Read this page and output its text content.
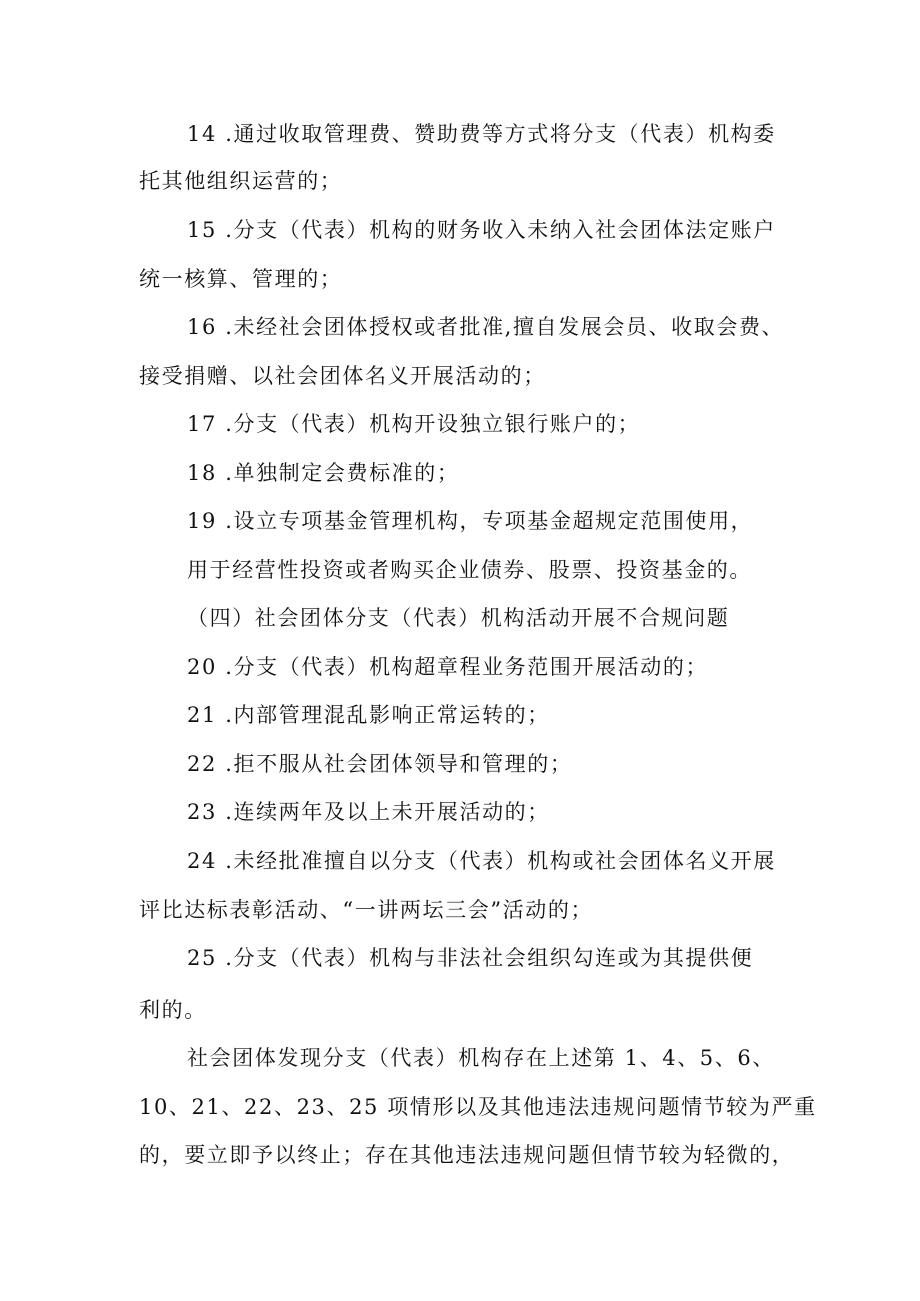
14 .通过收取管理费、赞助费等方式将分支（代表）机构委
托其他组织运营的；
15 .分支（代表）机构的财务收入未纳入社会团体法定账户
统一核算、管理的；
16 .未经社会团体授权或者批准,擅自发展会员、收取会费、
接受捐赠、以社会团体名义开展活动的；
17 .分支（代表）机构开设独立银行账户的；
18 .单独制定会费标准的；
19 .设立专项基金管理机构，专项基金超规定范围使用，
用于经营性投资或者购买企业债券、股票、投资基金的。
（四）社会团体分支（代表）机构活动开展不合规问题
20 .分支（代表）机构超章程业务范围开展活动的；
21 .内部管理混乱影响正常运转的；
22 .拒不服从社会团体领导和管理的；
23 .连续两年及以上未开展活动的；
24 .未经批准擅自以分支（代表）机构或社会团体名义开展
评比达标表彰活动、“一讲两坛三会”活动的；
25 .分支（代表）机构与非法社会组织勾连或为其提供便
利的。
社会团体发现分支（代表）机构存在上述第 1、4、5、6、
10、21、22、23、25 项情形以及其他违法违规问题情节较为严重
的，要立即予以终止；存在其他违法违规问题但情节较为轻微的，
